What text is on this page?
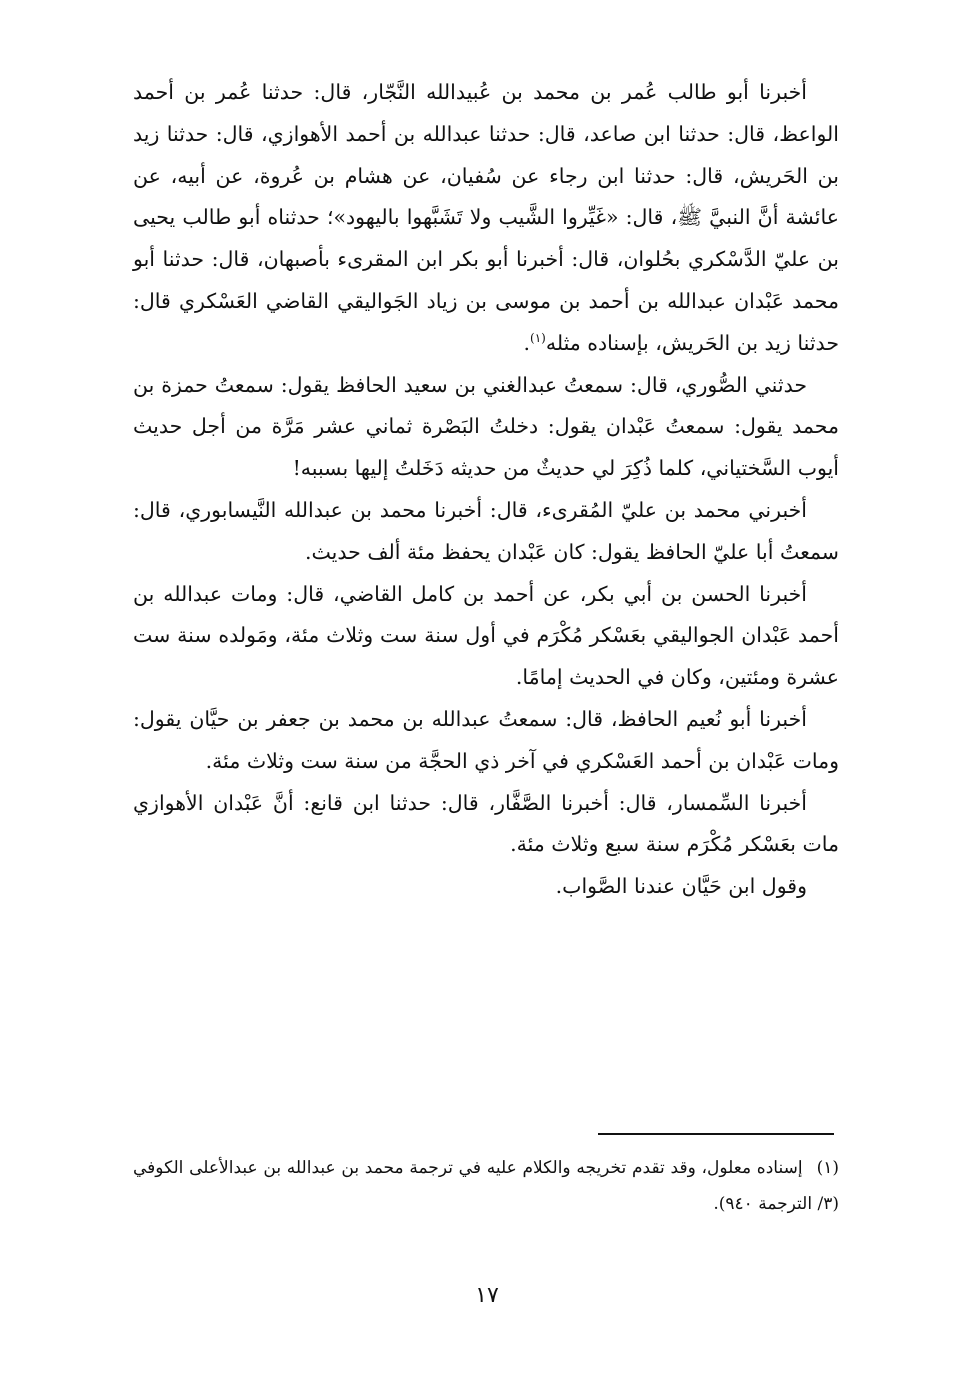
أخبرنا أبو طالب عُمر بن محمد بن عُبيدالله النَّجّار، قال: حدثنا عُمر بن أحمد الواعظ، قال: حدثنا ابن صاعد، قال: حدثنا عبدالله بن أحمد الأهوازي، قال: حدثنا زيد بن الحَريش، قال: حدثنا ابن رجاء عن سُفيان، عن هشام بن عُروة، عن أبيه، عن عائشة أنَّ النبيَّ ﷺ، قال: «غَيِّروا الشَّيب ولا تَشَبَّهوا باليهود»؛ حدثناه أبو طالب يحيى بن عليّ الدَّسْكري بحُلوان، قال: أخبرنا أبو بكر ابن المقرىء بأصبهان، قال: حدثنا أبو محمد عَبْدان عبدالله بن أحمد بن موسى بن زياد الجَواليقي القاضي العَسْكري قال: حدثنا زيد بن الحَريش، بإسناده مثله$^{(١)}$.

حدثني الصُّوري، قال: سمعتُ عبدالغني بن سعيد الحافظ يقول: سمعتُ حمزة بن محمد يقول: سمعتُ عَبْدان يقول: دخلتُ البَصْرة ثماني عشر مَرَّة من أجل حديث أيوب السَّختياني، كلما ذُكِرَ لي حديثٌ من حديثه دَخَلتُ إليها بسببه!

أخبرني محمد بن عليّ المُقرىء، قال: أخبرنا محمد بن عبدالله النَّيسابوري، قال: سمعتُ أبا عليّ الحافظ يقول: كان عَبْدان يحفظ مئة ألف حديث.

أخبرنا الحسن بن أبي بكر، عن أحمد بن كامل القاضي، قال: ومات عبدالله بن أحمد عَبْدان الجواليقي بعَسْكر مُكْرَم في أول سنة ست وثلاث مئة، ومَولده سنة ست عشرة ومئتين، وكان في الحديث إمامًا.

أخبرنا أبو نُعيم الحافظ، قال: سمعتُ عبدالله بن محمد بن جعفر بن حيَّان يقول: ومات عَبْدان بن أحمد العَسْكري في آخر ذي الحجَّة من سنة ست وثلاث مئة.

أخبرنا السِّمسار، قال: أخبرنا الصَّفَّار، قال: حدثنا ابن قانع: أنَّ عَبْدان الأهوازي مات بعَسْكر مُكْرَم سنة سبع وثلاث مئة.

وقول ابن حَيَّان عندنا الصَّواب.

(١)إسناده معلول، وقد تقدم تخريجه والكلام عليه في ترجمة محمد بن عبدالله بن عبدالأعلى الكوفي (٣/ الترجمة ٩٤٠).
١٧
